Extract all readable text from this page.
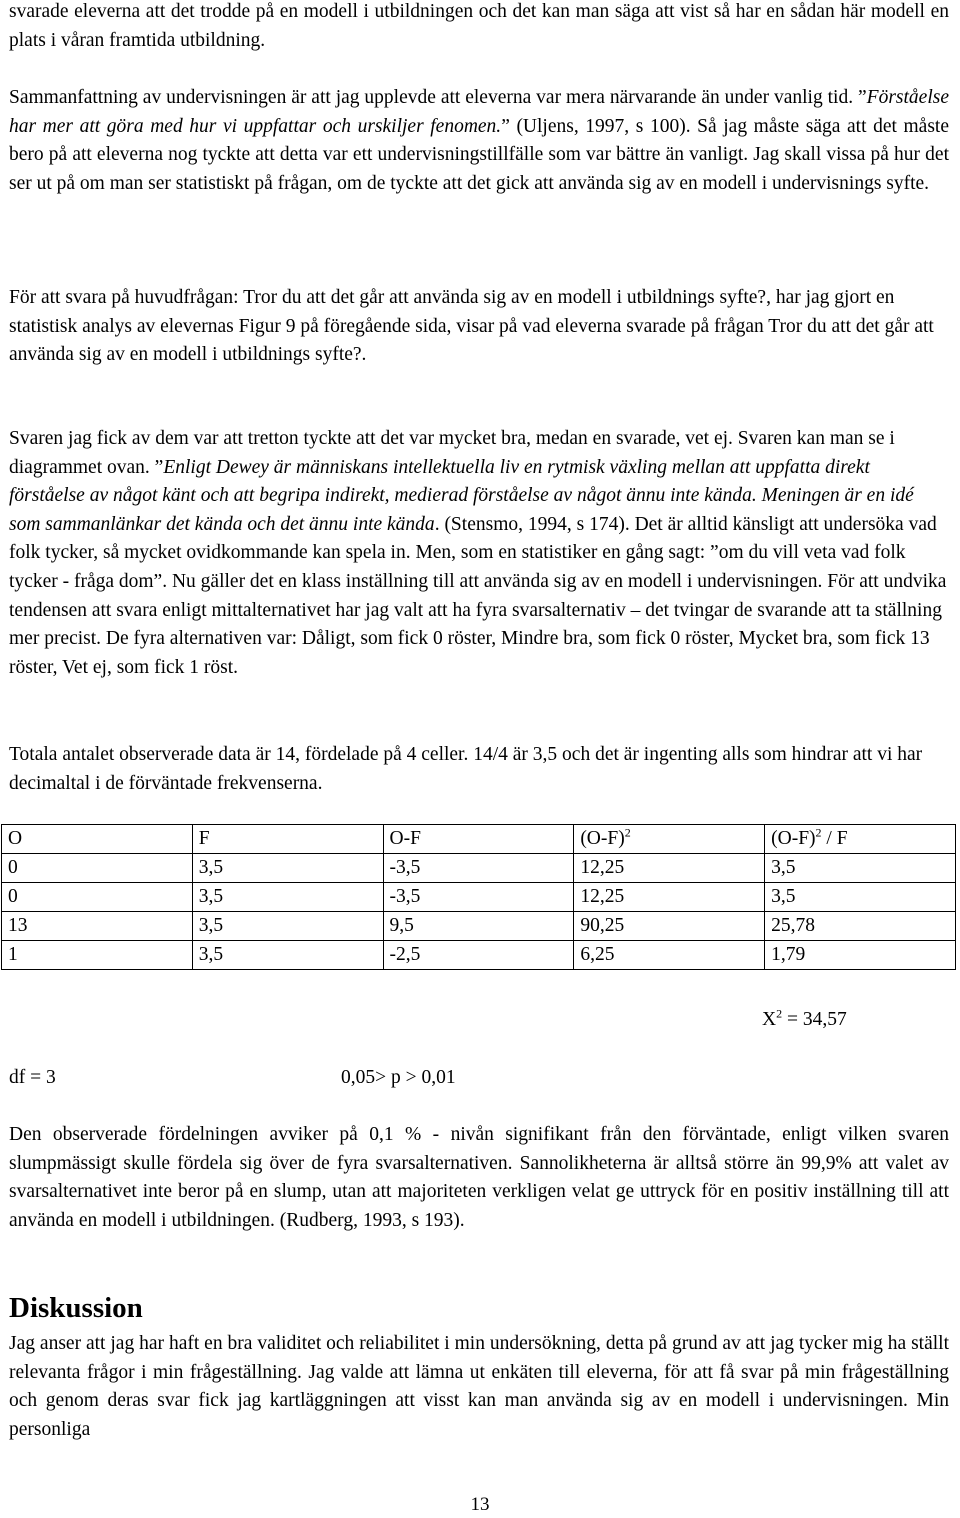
svarade eleverna att det trodde på en modell i utbildningen och det kan man säga att vist så har en sådan här modell en plats i våran framtida utbildning.

Sammanfattning av undervisningen är att jag upplevde att eleverna var mera närvarande än under vanlig tid. ”Förståelse har mer att göra med hur vi uppfattar och urskiljer fenomen.” (Uljens, 1997, s 100). Så jag måste säga att det måste bero på att eleverna nog tyckte att detta var ett undervisningstillfälle som var bättre än vanligt. Jag skall vissa på hur det ser ut på om man ser statistiskt på frågan, om de tyckte att det gick att använda sig av en modell i undervisnings syfte.

För att svara på huvudfrågan: Tror du att det går att använda sig av en modell i utbildnings syfte?, har jag gjort en statistisk analys av elevernas Figur 9 på föregående sida, visar på vad eleverna svarade på frågan Tror du att det går att använda sig av en modell i utbildnings syfte?.

Svaren jag fick av dem var att tretton tyckte att det var mycket bra, medan en svarade, vet ej. Svaren kan man se i diagrammet ovan. ”Enligt Dewey är människans intellektuella liv en rytmisk växling mellan att uppfatta direkt förståelse av något känt och att begripa indirekt, medierad förståelse av något ännu inte kända. Meningen är en idé som sammanlänkar det kända och det ännu inte kända. (Stensmo, 1994, s 174). Det är alltid känsligt att undersöka vad folk tycker, så mycket ovidkommande kan spela in. Men, som en statistiker en gång sagt: ”om du vill veta vad folk tycker - fråga dom”. Nu gäller det en klass inställning till att använda sig av en modell i undervisningen. För att undvika tendensen att svara enligt mittalternativet har jag valt att ha fyra svarsalternativ – det tvingar de svarande att ta ställning mer precist. De fyra alternativen var: Dåligt, som fick 0 röster, Mindre bra, som fick 0 röster, Mycket bra, som fick 13 röster, Vet ej, som fick 1 röst.

Totala antalet observerade data är 14, fördelade på 4 celler. 14/4 är 3,5 och det är ingenting alls som hindrar att vi har decimaltal i de förväntade frekvenserna.

O	F	O-F	$(O-F)^2$	$(O-F)^2$ / F
0	3,5	-3,5	12,25	3,5
0	3,5	-3,5	12,25	3,5
13	3,5	9,5	90,25	25,78
1	3,5	-2,5	6,25	1,79
$X^2 = 34,57$
df = 3	0,05> p > 0,01

Den observerade fördelningen avviker på 0,1 % - nivån signifikant från den förväntade, enligt vilken svaren slumpmässigt skulle fördela sig över de fyra svarsalternativen. Sannolikheterna är alltså större än 99,9% att valet av svarsalternativet inte beror på en slump, utan att majoriteten verkligen velat ge uttryck för en positiv inställning till att använda en modell i utbildningen. (Rudberg, 1993, s 193).

Diskussion

Jag anser att jag har haft en bra validitet och reliabilitet i min undersökning, detta på grund av att jag tycker mig ha ställt relevanta frågor i min frågeställning. Jag valde att lämna ut enkäten till eleverna, för att få svar på min frågeställning och genom deras svar fick jag kartläggningen att visst kan man använda sig av en modell i undervisningen. Min personliga

13
